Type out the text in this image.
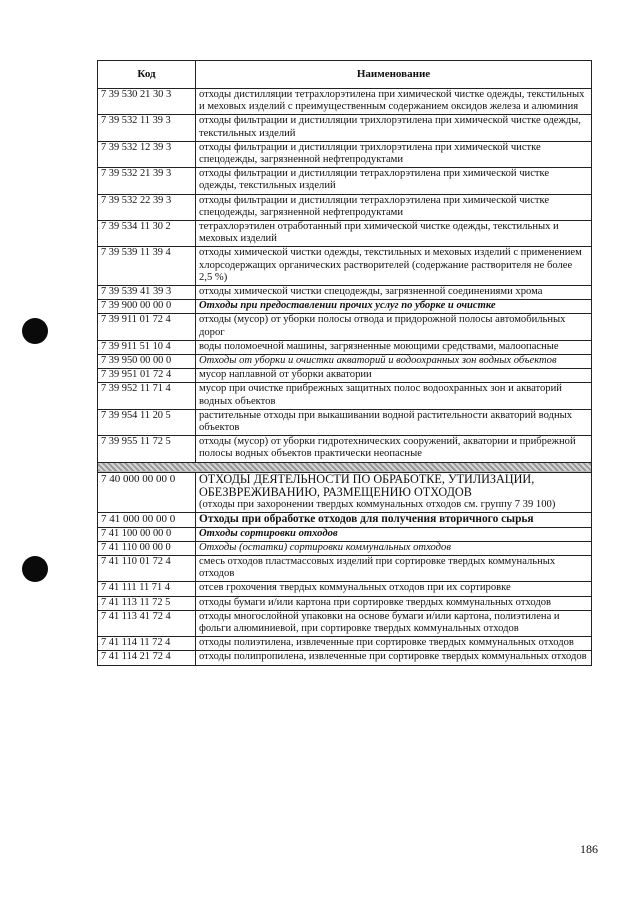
Код	Наименование
7 39 530 21 30 3	отходы дистилляции тетрахлорэтилена при химической чистке одежды, текстильных и меховых изделий с преимущественным содержанием оксидов железа и алюминия

7 39 532 11 39 3	отходы фильтрации и дистилляции трихлорэтилена при химической чистке одежды, текстильных изделий

7 39 532 12 39 3	отходы фильтрации и дистилляции трихлорэтилена при химической чистке спецодежды, загрязненной нефтепродуктами

7 39 532 21 39 3	отходы фильтрации и дистилляции тетрахлорэтилена при химической чистке одежды, текстильных изделий

7 39 532 22 39 3	отходы фильтрации и дистилляции тетрахлорэтилена при химической чистке спецодежды, загрязненной нефтепродуктами

7 39 534 11 30 2	тетрахлорэтилен отработанный при химической чистке одежды, текстильных и меховых изделий

7 39 539 11 39 4	отходы химической чистки одежды, текстильных и меховых изделий с применением хлорсодержащих органических растворителей (содержание растворителя не более 2,5 %)

7 39 539 41 39 3	отходы химической чистки спецодежды, загрязненной соединениями хрома

7 39 900 00 00 0	Отходы при предоставлении прочих услуг по уборке и очистке

7 39 911 01 72 4	отходы (мусор) от уборки полосы отвода и придорожной полосы автомобильных дорог

7 39 911 51 10 4	воды поломоечной машины, загрязненные моющими средствами, малоопасные

7 39 950 00 00 0	Отходы от уборки и очистки акваторий и водоохранных зон водных объектов

7 39 951 01 72 4	мусор наплавной от уборки акватории

7 39 952 11 71 4	мусор при очистке прибрежных защитных полос водоохранных зон и акваторий водных объектов

7 39 954 11 20 5	растительные отходы при выкашивании водной растительности акваторий водных объектов

7 39 955 11 72 5	отходы (мусор) от уборки гидротехнических сооружений, акватории и прибрежной полосы водных объектов практически неопасные

7 40 000 00 00 0	ОТХОДЫ ДЕЯТЕЛЬНОСТИ ПО ОБРАБОТКЕ, УТИЛИЗАЦИИ, ОБЕЗВРЕЖИВАНИЮ, РАЗМЕЩЕНИЮ ОТХОДОВ
(отходы при захоронении твердых коммунальных отходов см. группу 7 39 100)

7 41 000 00 00 0	Отходы при обработке отходов для получения вторичного сырья

7 41 100 00 00 0	Отходы сортировки отходов

7 41 110 00 00 0	Отходы (остатки) сортировки коммунальных отходов

7 41 110 01 72 4	смесь отходов пластмассовых изделий при сортировке твердых коммунальных отходов

7 41 111 11 71 4	отсев грохочения твердых коммунальных отходов при их сортировке

7 41 113 11 72 5	отходы бумаги и/или картона при сортировке твердых коммунальных отходов

7 41 113 41 72 4	отходы многослойной упаковки на основе бумаги и/или картона, полиэтилена и фольги алюминиевой, при сортировке твердых коммунальных отходов

7 41 114 11 72 4	отходы полиэтилена, извлеченные при сортировке твердых коммунальных отходов

7 41 114 21 72 4	отходы полипропилена, извлеченные при сортировке твердых коммунальных отходов
186
